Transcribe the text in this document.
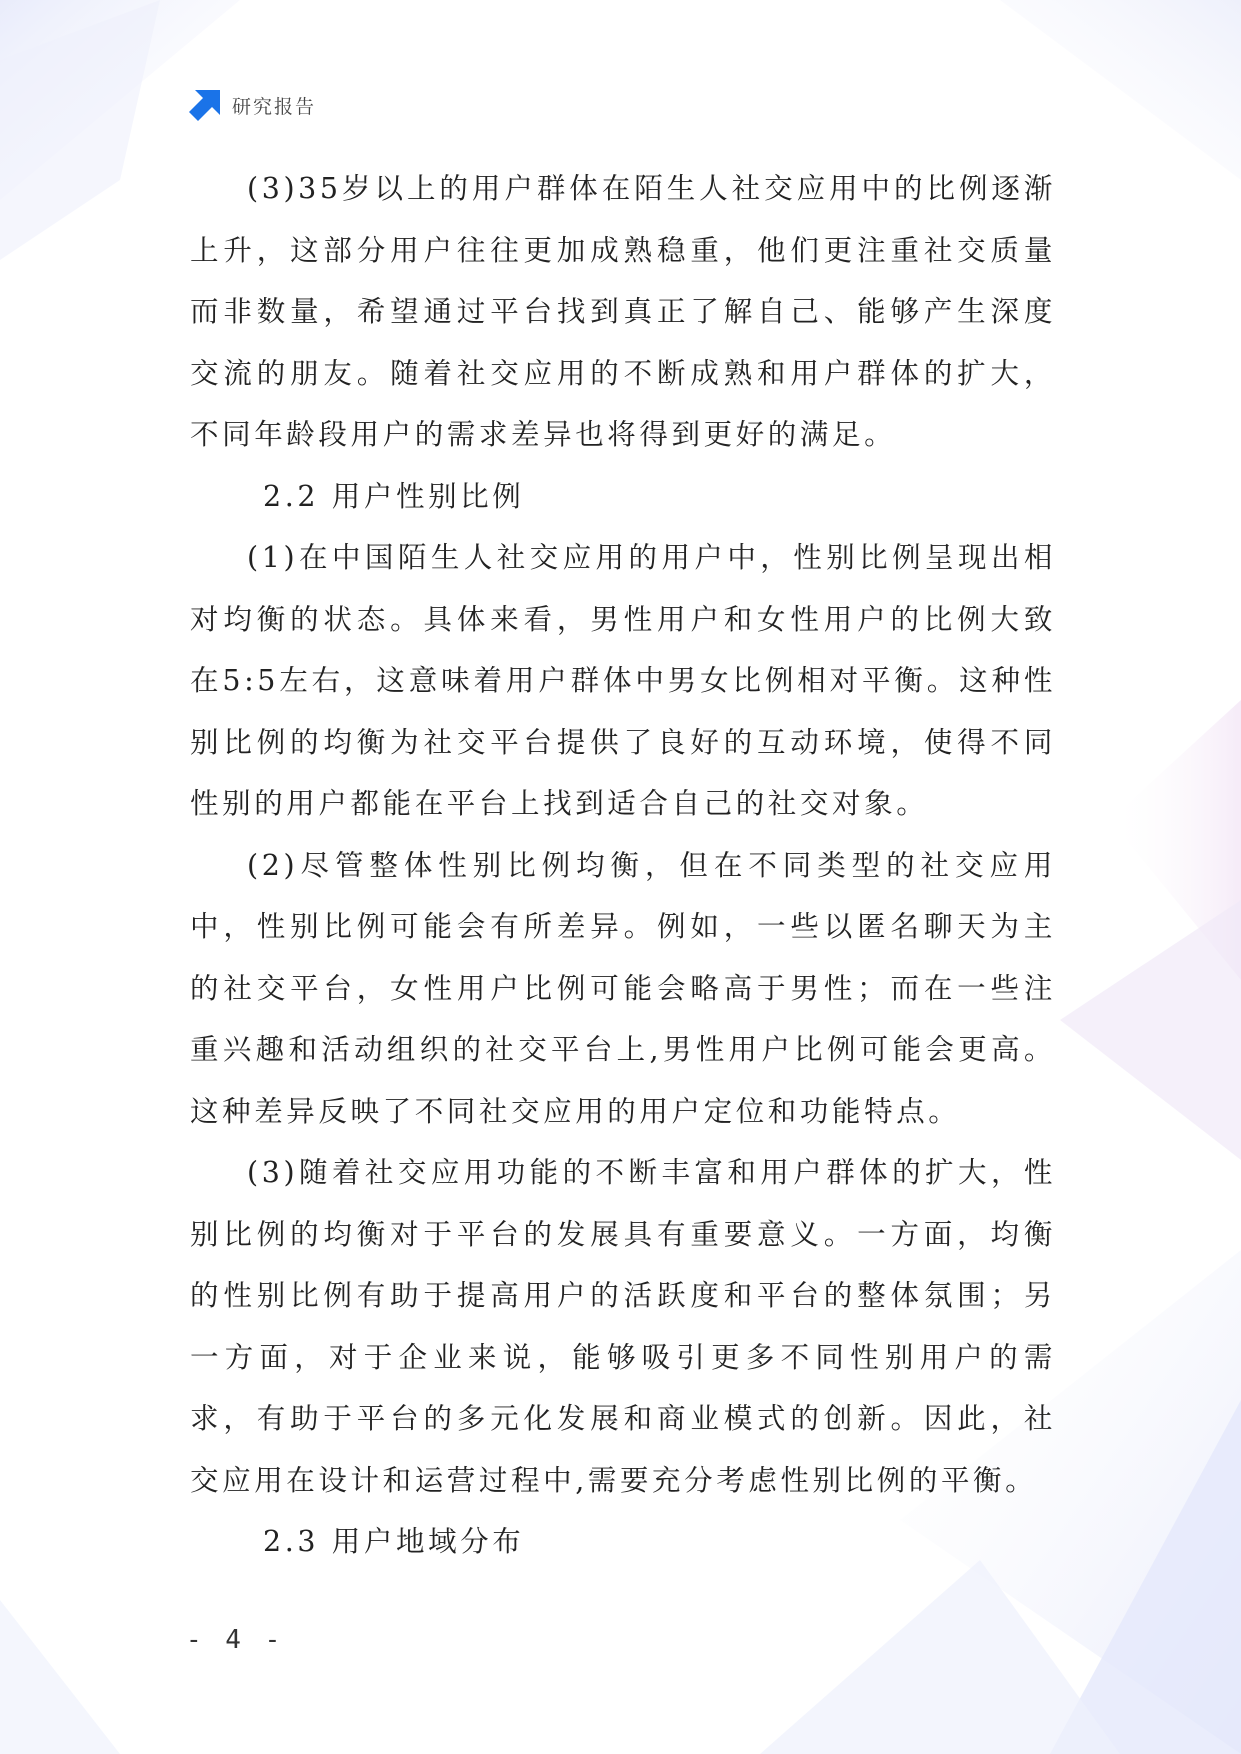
研究报告

(3)35岁以上的用户群体在陌生人社交应用中的比例逐渐上升，这部分用户往往更加成熟稳重，他们更注重社交质量而非数量，希望通过平台找到真正了解自己、能够产生深度交流的朋友。随着社交应用的不断成熟和用户群体的扩大，不同年龄段用户的需求差异也将得到更好的满足。

2.2 用户性别比例

(1)在中国陌生人社交应用的用户中，性别比例呈现出相对均衡的状态。具体来看，男性用户和女性用户的比例大致在5:5左右，这意味着用户群体中男女比例相对平衡。这种性别比例的均衡为社交平台提供了良好的互动环境，使得不同性别的用户都能在平台上找到适合自己的社交对象。

(2)尽管整体性别比例均衡，但在不同类型的社交应用中，性别比例可能会有所差异。例如，一些以匿名聊天为主的社交平台，女性用户比例可能会略高于男性；而在一些注重兴趣和活动组织的社交平台上,男性用户比例可能会更高。这种差异反映了不同社交应用的用户定位和功能特点。

(3)随着社交应用功能的不断丰富和用户群体的扩大，性别比例的均衡对于平台的发展具有重要意义。一方面，均衡的性别比例有助于提高用户的活跃度和平台的整体氛围；另一方面，对于企业来说，能够吸引更多不同性别用户的需求，有助于平台的多元化发展和商业模式的创新。因此，社交应用在设计和运营过程中,需要充分考虑性别比例的平衡。

2.3 用户地域分布

- 4 -
